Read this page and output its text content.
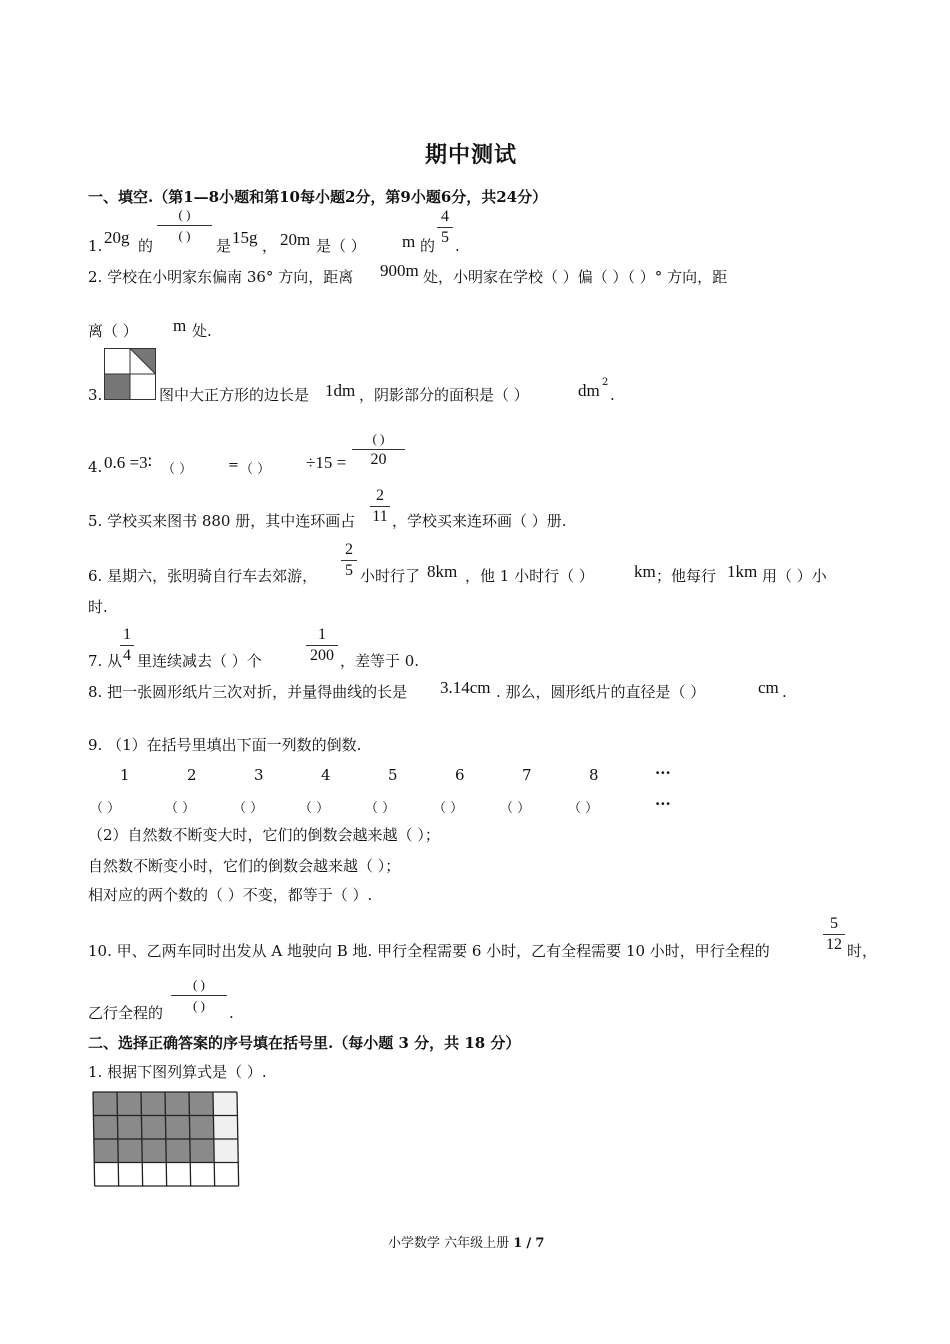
期中测试
一、填空.（第1—8小题和第10每小题2分，第9小题6分，共24分）
1. 20g 的
( )
( )
是 15g ， 20m 是（ ） m 的 $\frac{4}{5}$ .
2. 学校在小明家东偏南 36° 方向，距离 900m 处，小明家在学校（ ）偏（ ）（ ）° 方向，距
离（ ） m 处.
3.	图中大正方形的边长是 1dm ，阴影部分的面积是（ ）	dm 2
.
4. 0.6 =3∶ （ ）	= （ ） ÷15 =
( )
20
5. 学校买来图书 880 册，其中连环画占 $\frac{2}{11}$ ，学校买来连环画（ ）册.
6. 星期六，张明骑自行车去郊游， $\frac{2}{5}$ 小时行了 8km ，他 1 小时行（ ） km ；他每行 1km 用（ ）小
时.
7. 从
$\frac{1}{4}$ 里连续减去（ ）个	$\frac{1}{200}$ ，差等于 0.
8. 把一张圆形纸片三次对折，并量得曲线的长是 3.14cm . 那么，圆形纸片的直径是（ ）	cm .
9. （1）在括号里填出下面一列数的倒数.
1	2	3	4	5	6	7	8	···
（ ）	（ ）	（ ）	（ ）	（ ）	（ ）	（ ）	（ ）	···
（2）自然数不断变大时，它们的倒数会越来越（ ）；
自然数不断变小时，它们的倒数会越来越（ ）；
相对应的两个数的（ ）不变，都等于（ ）.
10. 甲、乙两车同时出发从 A 地驶向 B 地. 甲行全程需要 6 小时，乙有全程需要 10 小时，甲行全程的	$\frac{5}{12}$ 时，
乙行全程的
( )
( )	.
二、选择正确答案的序号填在括号里.（每小题 3 分，共 18 分）
1. 根据下图列算式是（ ）.
小学数学 六年级上册 1 / 7
